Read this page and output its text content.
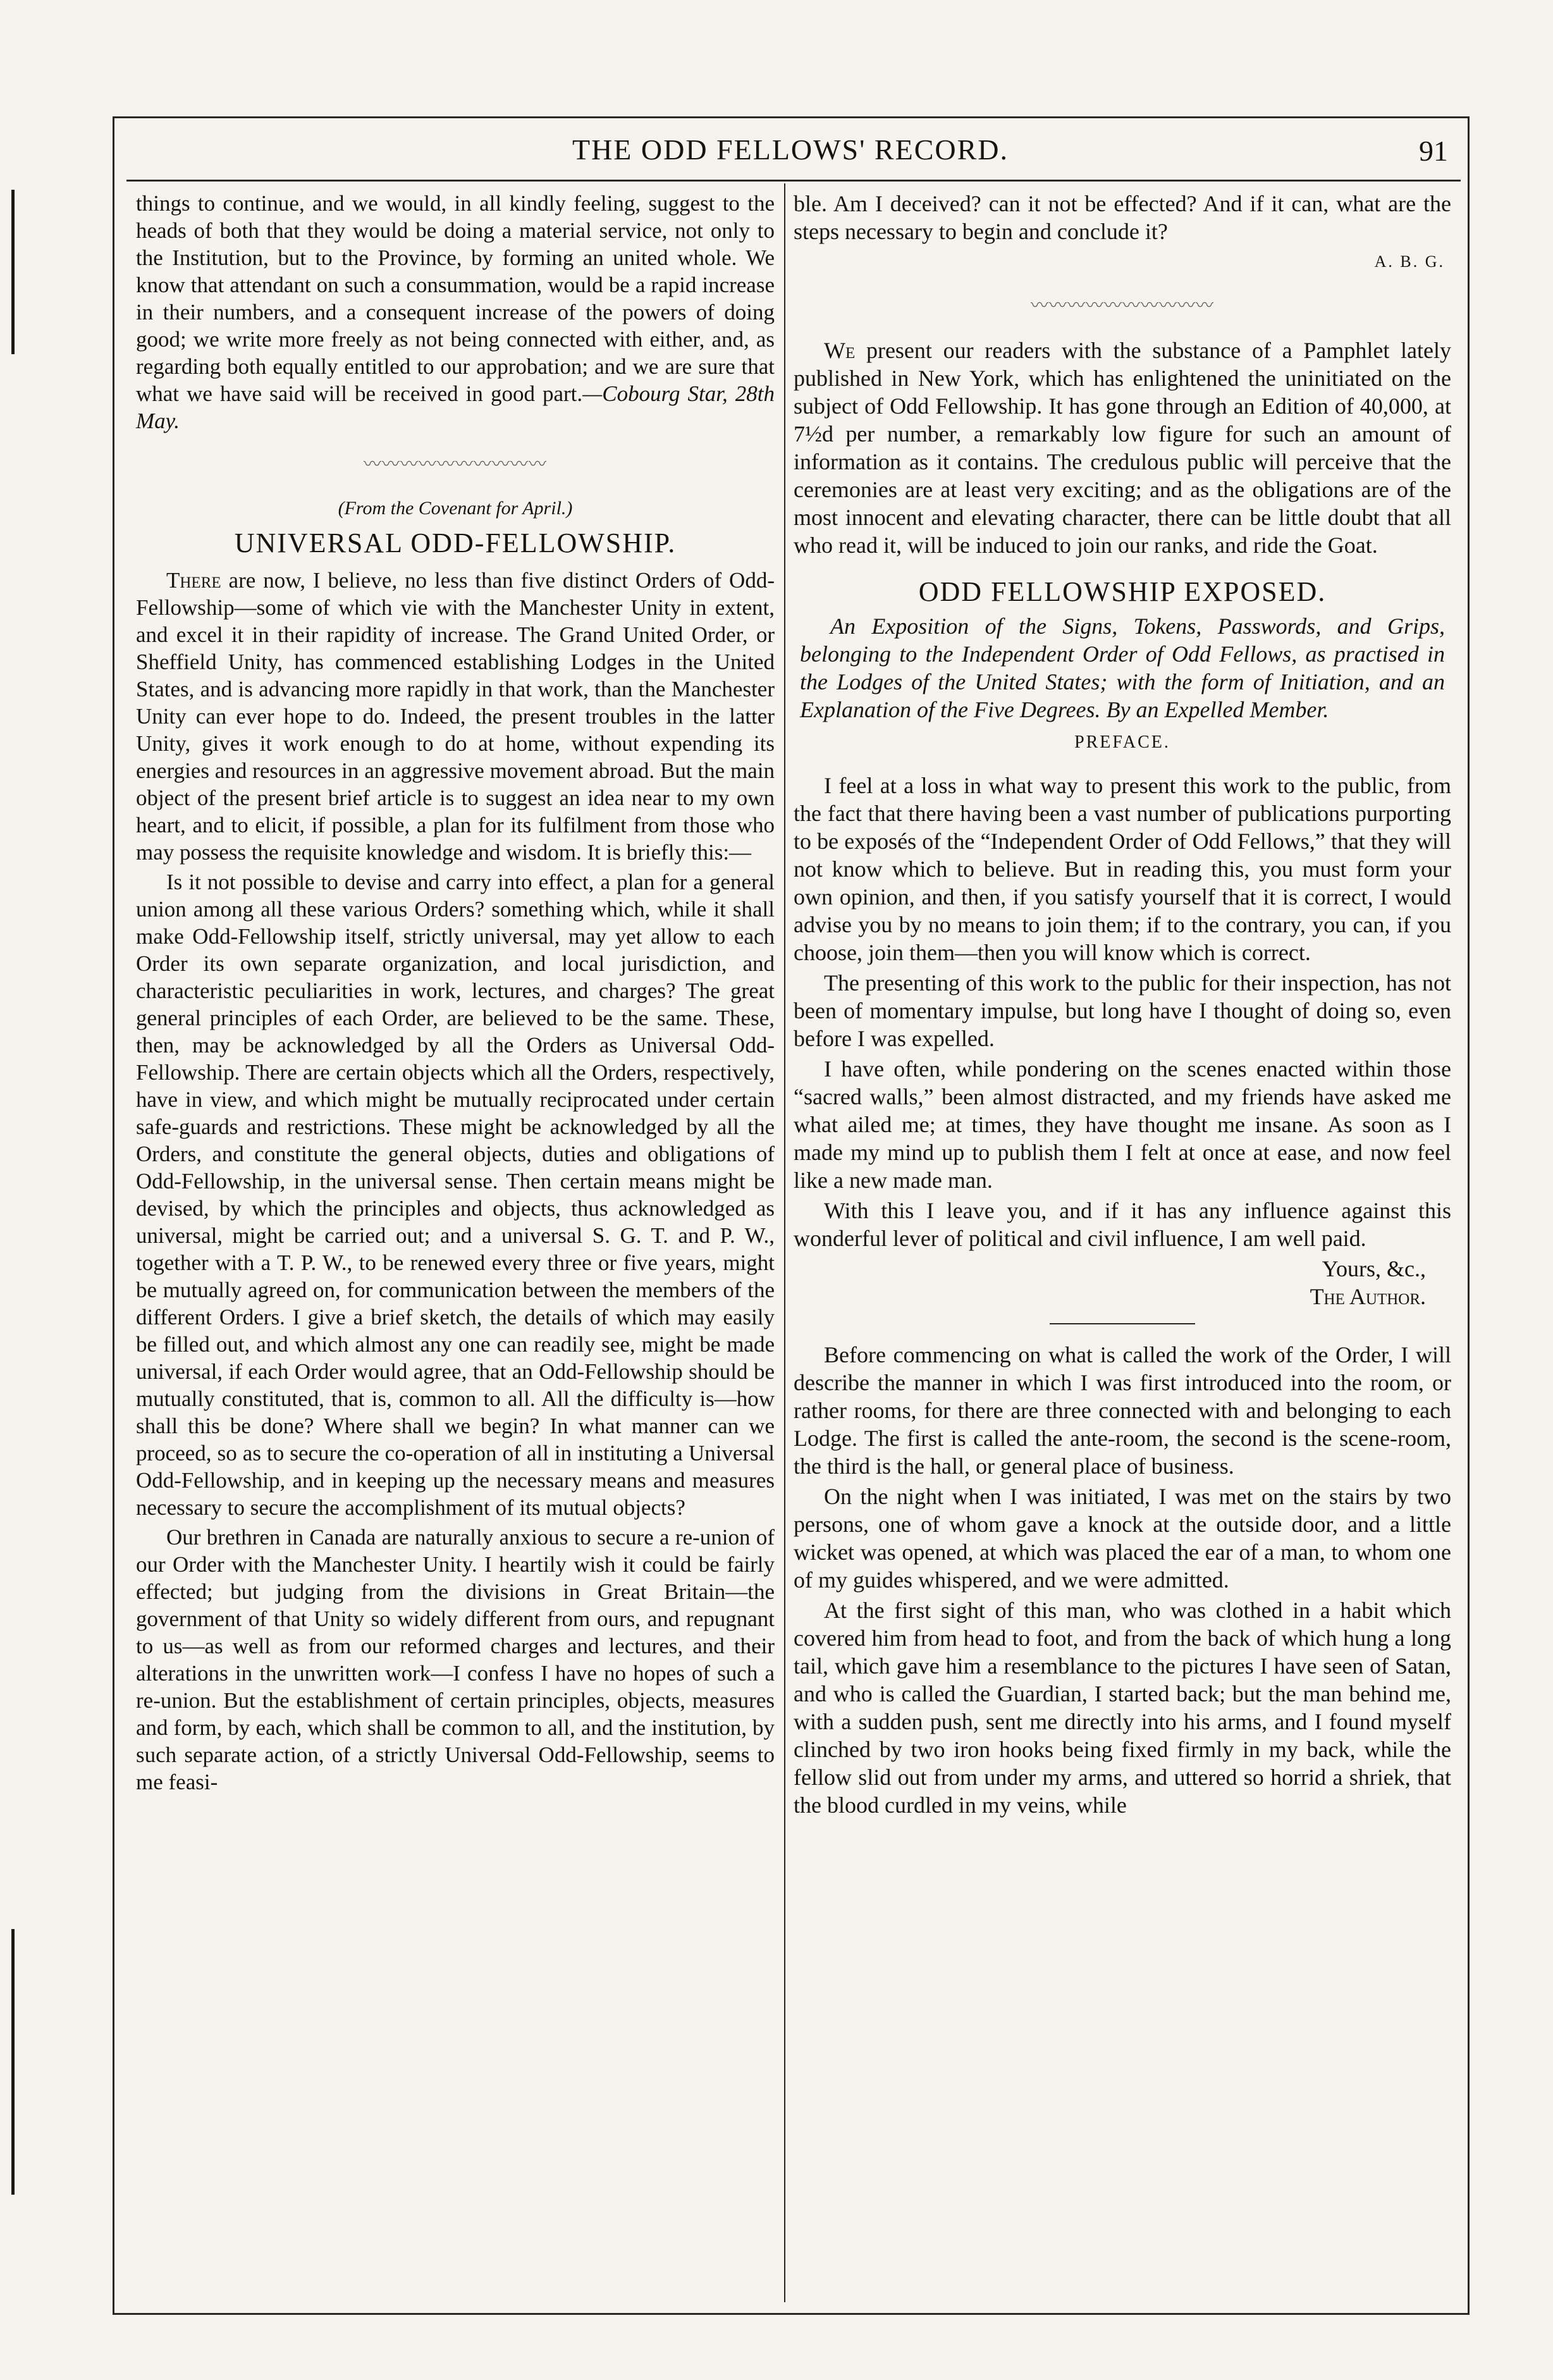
THE ODD FELLOWS' RECORD.	91

things to continue, and we would, in all kindly feeling, suggest to the heads of both that they would be doing a material service, not only to the Institution, but to the Province, by forming an united whole. We know that attendant on such a consummation, would be a rapid increase in their numbers, and a consequent increase of the powers of doing good; we write more freely as not being connected with either, and, as regarding both equally entitled to our approbation; and we are sure that what we have said will be received in good part.—Cobourg Star, 28th May.

〰〰〰〰〰〰〰〰〰〰
(From the Covenant for April.)
UNIVERSAL ODD-FELLOWSHIP.

There are now, I believe, no less than five distinct Orders of Odd-Fellowship—some of which vie with the Manchester Unity in extent, and excel it in their rapidity of increase. The Grand United Order, or Sheffield Unity, has commenced establishing Lodges in the United States, and is advancing more rapidly in that work, than the Manchester Unity can ever hope to do. Indeed, the present troubles in the latter Unity, gives it work enough to do at home, without expending its energies and resources in an aggressive movement abroad. But the main object of the present brief article is to suggest an idea near to my own heart, and to elicit, if possible, a plan for its fulfilment from those who may possess the requisite knowledge and wisdom. It is briefly this:—

Is it not possible to devise and carry into effect, a plan for a general union among all these various Orders? something which, while it shall make Odd-Fellowship itself, strictly universal, may yet allow to each Order its own separate organization, and local jurisdiction, and characteristic peculiarities in work, lectures, and charges? The great general principles of each Order, are believed to be the same. These, then, may be acknowledged by all the Orders as Universal Odd-Fellowship. There are certain objects which all the Orders, respectively, have in view, and which might be mutually reciprocated under certain safe-guards and restrictions. These might be acknowledged by all the Orders, and constitute the general objects, duties and obligations of Odd-Fellowship, in the universal sense. Then certain means might be devised, by which the principles and objects, thus acknowledged as universal, might be carried out; and a universal S. G. T. and P. W., together with a T. P. W., to be renewed every three or five years, might be mutually agreed on, for communication between the members of the different Orders. I give a brief sketch, the details of which may easily be filled out, and which almost any one can readily see, might be made universal, if each Order would agree, that an Odd-Fellowship should be mutually constituted, that is, common to all. All the difficulty is—how shall this be done? Where shall we begin? In what manner can we proceed, so as to secure the co-operation of all in instituting a Universal Odd-Fellowship, and in keeping up the necessary means and measures necessary to secure the accomplishment of its mutual objects?

Our brethren in Canada are naturally anxious to secure a re-union of our Order with the Manchester Unity. I heartily wish it could be fairly effected; but judging from the divisions in Great Britain—the government of that Unity so widely different from ours, and repugnant to us—as well as from our reformed charges and lectures, and their alterations in the unwritten work—I confess I have no hopes of such a re-union. But the establishment of certain principles, objects, measures and form, by each, which shall be common to all, and the institution, by such separate action, of a strictly Universal Odd-Fellowship, seems to me feasi-

ble. Am I deceived? can it not be effected? And if it can, what are the steps necessary to begin and conclude it?

A. B. G.
〰〰〰〰〰〰〰〰〰〰

We present our readers with the substance of a Pamphlet lately published in New York, which has enlightened the uninitiated on the subject of Odd Fellowship. It has gone through an Edition of 40,000, at 7½d per number, a remarkably low figure for such an amount of information as it contains. The credulous public will perceive that the ceremonies are at least very exciting; and as the obligations are of the most innocent and elevating character, there can be little doubt that all who read it, will be induced to join our ranks, and ride the Goat.

ODD FELLOWSHIP EXPOSED.

An Exposition of the Signs, Tokens, Passwords, and Grips, belonging to the Independent Order of Odd Fellows, as practised in the Lodges of the United States; with the form of Initiation, and an Explanation of the Five Degrees. By an Expelled Member.

PREFACE.

I feel at a loss in what way to present this work to the public, from the fact that there having been a vast number of publications purporting to be exposés of the “Independent Order of Odd Fellows,” that they will not know which to believe. But in reading this, you must form your own opinion, and then, if you satisfy yourself that it is correct, I would advise you by no means to join them; if to the contrary, you can, if you choose, join them—then you will know which is correct.

The presenting of this work to the public for their inspection, has not been of momentary impulse, but long have I thought of doing so, even before I was expelled.

I have often, while pondering on the scenes enacted within those “sacred walls,” been almost distracted, and my friends have asked me what ailed me; at times, they have thought me insane. As soon as I made my mind up to publish them I felt at once at ease, and now feel like a new made man.

With this I leave you, and if it has any influence against this wonderful lever of political and civil influence, I am well paid.

Yours, &c.,
The Author.

Before commencing on what is called the work of the Order, I will describe the manner in which I was first introduced into the room, or rather rooms, for there are three connected with and belonging to each Lodge. The first is called the ante-room, the second is the scene-room, the third is the hall, or general place of business.

On the night when I was initiated, I was met on the stairs by two persons, one of whom gave a knock at the outside door, and a little wicket was opened, at which was placed the ear of a man, to whom one of my guides whispered, and we were admitted.

At the first sight of this man, who was clothed in a habit which covered him from head to foot, and from the back of which hung a long tail, which gave him a resemblance to the pictures I have seen of Satan, and who is called the Guardian, I started back; but the man behind me, with a sudden push, sent me directly into his arms, and I found myself clinched by two iron hooks being fixed firmly in my back, while the fellow slid out from under my arms, and uttered so horrid a shriek, that the blood curdled in my veins, while
